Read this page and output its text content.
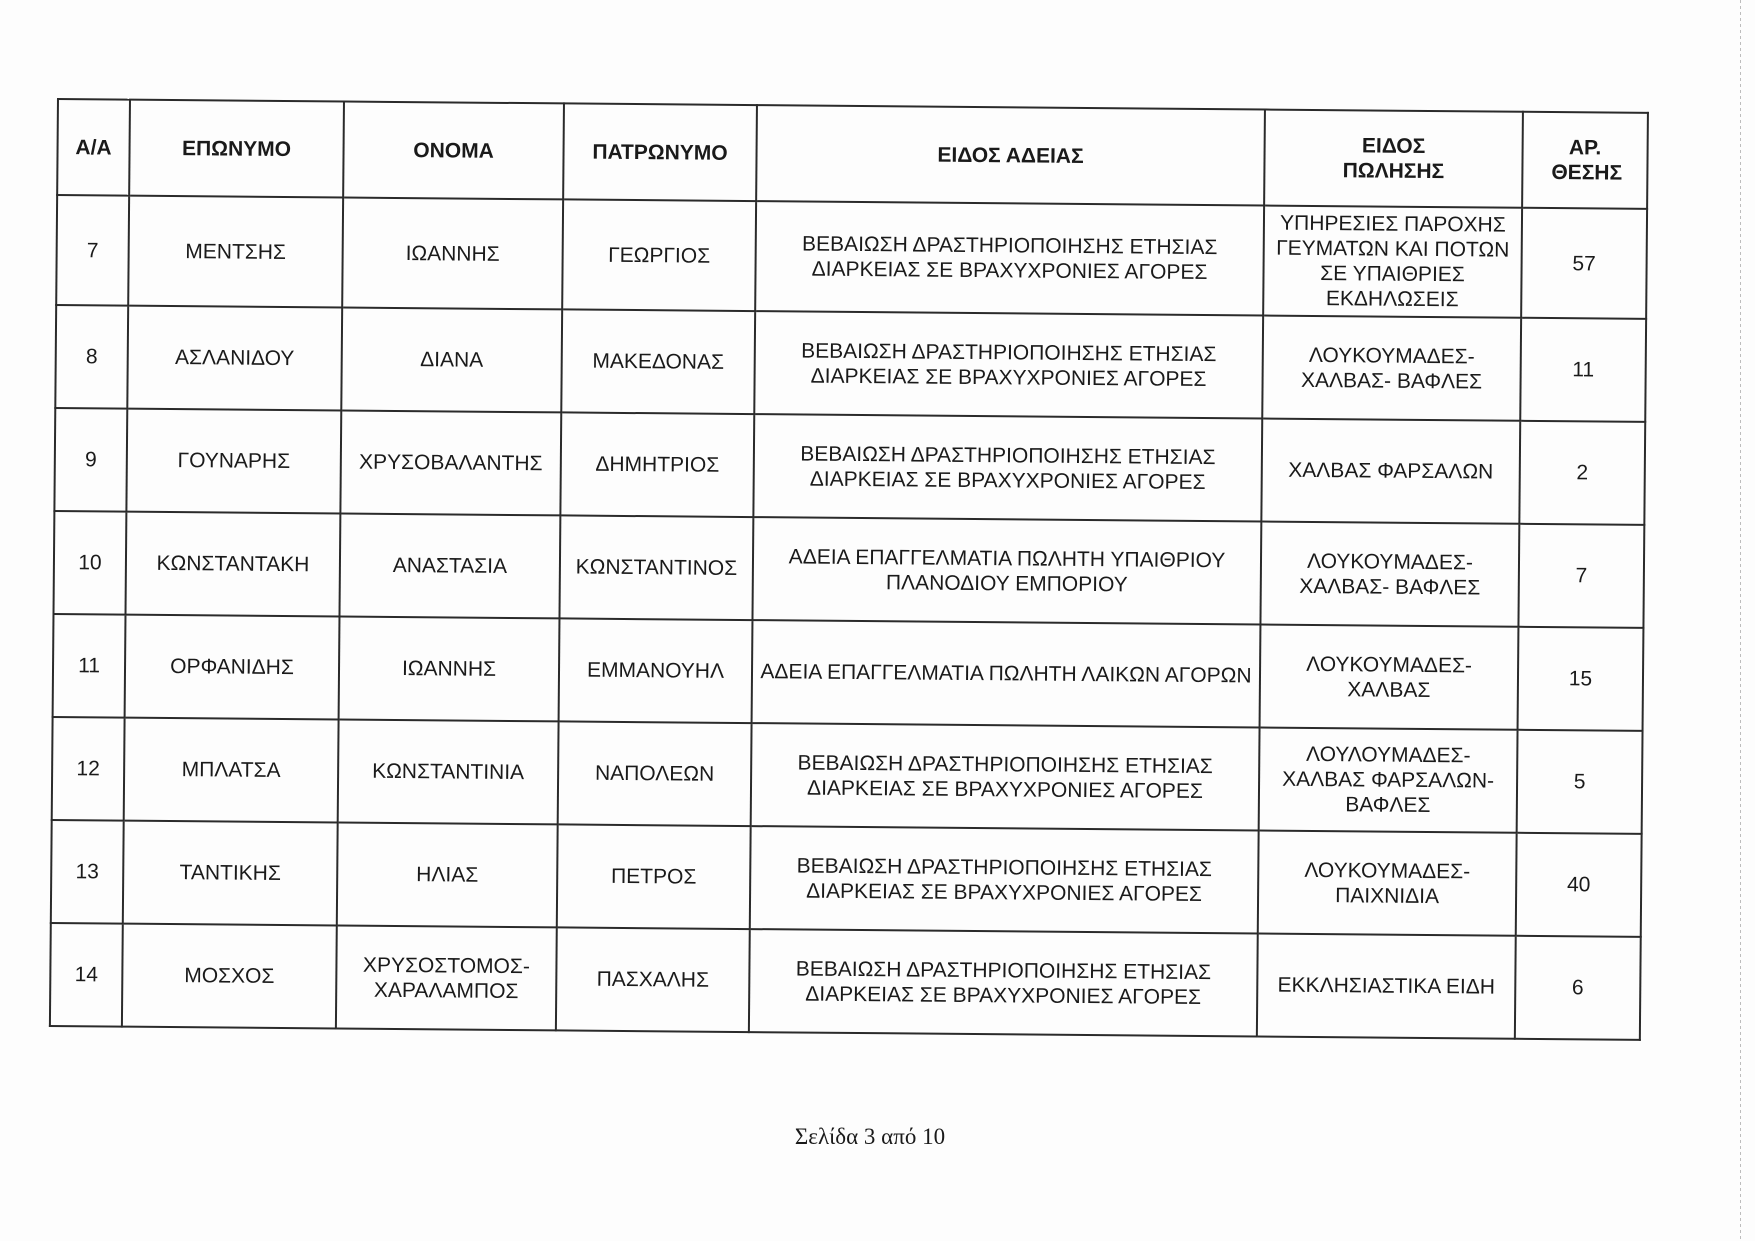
Α/Α	ΕΠΩΝΥΜΟ	ΟΝΟΜΑ	ΠΑΤΡΩΝΥΜΟ	ΕΙΔΟΣ ΑΔΕΙΑΣ	ΕΙΔΟΣ ΠΩΛΗΣΗΣ	ΑΡ. ΘΕΣΗΣ
7	ΜΕΝΤΣΗΣ	ΙΩΑΝΝΗΣ	ΓΕΩΡΓΙΟΣ	ΒΕΒΑΙΩΣΗ ΔΡΑΣΤΗΡΙΟΠΟΙΗΣΗΣ ΕΤΗΣΙΑΣ ΔΙΑΡΚΕΙΑΣ ΣΕ ΒΡΑΧΥΧΡΟΝΙΕΣ ΑΓΟΡΕΣ	ΥΠΗΡΕΣΙΕΣ ΠΑΡΟΧΗΣ ΓΕΥΜΑΤΩΝ ΚΑΙ ΠΟΤΩΝ ΣΕ ΥΠΑΙΘΡΙΕΣ ΕΚΔΗΛΩΣΕΙΣ	57
8	ΑΣΛΑΝΙΔΟΥ	ΔΙΑΝΑ	ΜΑΚΕΔΟΝΑΣ	ΒΕΒΑΙΩΣΗ ΔΡΑΣΤΗΡΙΟΠΟΙΗΣΗΣ ΕΤΗΣΙΑΣ ΔΙΑΡΚΕΙΑΣ ΣΕ ΒΡΑΧΥΧΡΟΝΙΕΣ ΑΓΟΡΕΣ	ΛΟΥΚΟΥΜΑΔΕΣ- ΧΑΛΒΑΣ- ΒΑΦΛΕΣ	11
9	ΓΟΥΝΑΡΗΣ	ΧΡΥΣΟΒΑΛΑΝΤΗΣ	ΔΗΜΗΤΡΙΟΣ	ΒΕΒΑΙΩΣΗ ΔΡΑΣΤΗΡΙΟΠΟΙΗΣΗΣ ΕΤΗΣΙΑΣ ΔΙΑΡΚΕΙΑΣ ΣΕ ΒΡΑΧΥΧΡΟΝΙΕΣ ΑΓΟΡΕΣ	ΧΑΛΒΑΣ ΦΑΡΣΑΛΩΝ	2
10	ΚΩΝΣΤΑΝΤΑΚΗ	ΑΝΑΣΤΑΣΙΑ	ΚΩΝΣΤΑΝΤΙΝΟΣ	ΑΔΕΙΑ ΕΠΑΓΓΕΛΜΑΤΙΑ ΠΩΛΗΤΗ ΥΠΑΙΘΡΙΟΥ ΠΛΑΝΟΔΙΟΥ ΕΜΠΟΡΙΟΥ	ΛΟΥΚΟΥΜΑΔΕΣ- ΧΑΛΒΑΣ- ΒΑΦΛΕΣ	7
11	ΟΡΦΑΝΙΔΗΣ	ΙΩΑΝΝΗΣ	ΕΜΜΑΝΟΥΗΛ	ΑΔΕΙΑ ΕΠΑΓΓΕΛΜΑΤΙΑ ΠΩΛΗΤΗ ΛΑΙΚΩΝ ΑΓΟΡΩΝ	ΛΟΥΚΟΥΜΑΔΕΣ- ΧΑΛΒΑΣ	15
12	ΜΠΛΑΤΣΑ	ΚΩΝΣΤΑΝΤΙΝΙΑ	ΝΑΠΟΛΕΩΝ	ΒΕΒΑΙΩΣΗ ΔΡΑΣΤΗΡΙΟΠΟΙΗΣΗΣ ΕΤΗΣΙΑΣ ΔΙΑΡΚΕΙΑΣ ΣΕ ΒΡΑΧΥΧΡΟΝΙΕΣ ΑΓΟΡΕΣ	ΛΟΥΛΟΥΜΑΔΕΣ- ΧΑΛΒΑΣ ΦΑΡΣΑΛΩΝ- ΒΑΦΛΕΣ	5
13	ΤΑΝΤΙΚΗΣ	ΗΛΙΑΣ	ΠΕΤΡΟΣ	ΒΕΒΑΙΩΣΗ ΔΡΑΣΤΗΡΙΟΠΟΙΗΣΗΣ ΕΤΗΣΙΑΣ ΔΙΑΡΚΕΙΑΣ ΣΕ ΒΡΑΧΥΧΡΟΝΙΕΣ ΑΓΟΡΕΣ	ΛΟΥΚΟΥΜΑΔΕΣ- ΠΑΙΧΝΙΔΙΑ	40
14	ΜΟΣΧΟΣ	ΧΡΥΣΟΣΤΟΜΟΣ- ΧΑΡΑΛΑΜΠΟΣ	ΠΑΣΧΑΛΗΣ	ΒΕΒΑΙΩΣΗ ΔΡΑΣΤΗΡΙΟΠΟΙΗΣΗΣ ΕΤΗΣΙΑΣ ΔΙΑΡΚΕΙΑΣ ΣΕ ΒΡΑΧΥΧΡΟΝΙΕΣ ΑΓΟΡΕΣ	ΕΚΚΛΗΣΙΑΣΤΙΚΑ ΕΙΔΗ	6
Σελίδα 3 από 10
